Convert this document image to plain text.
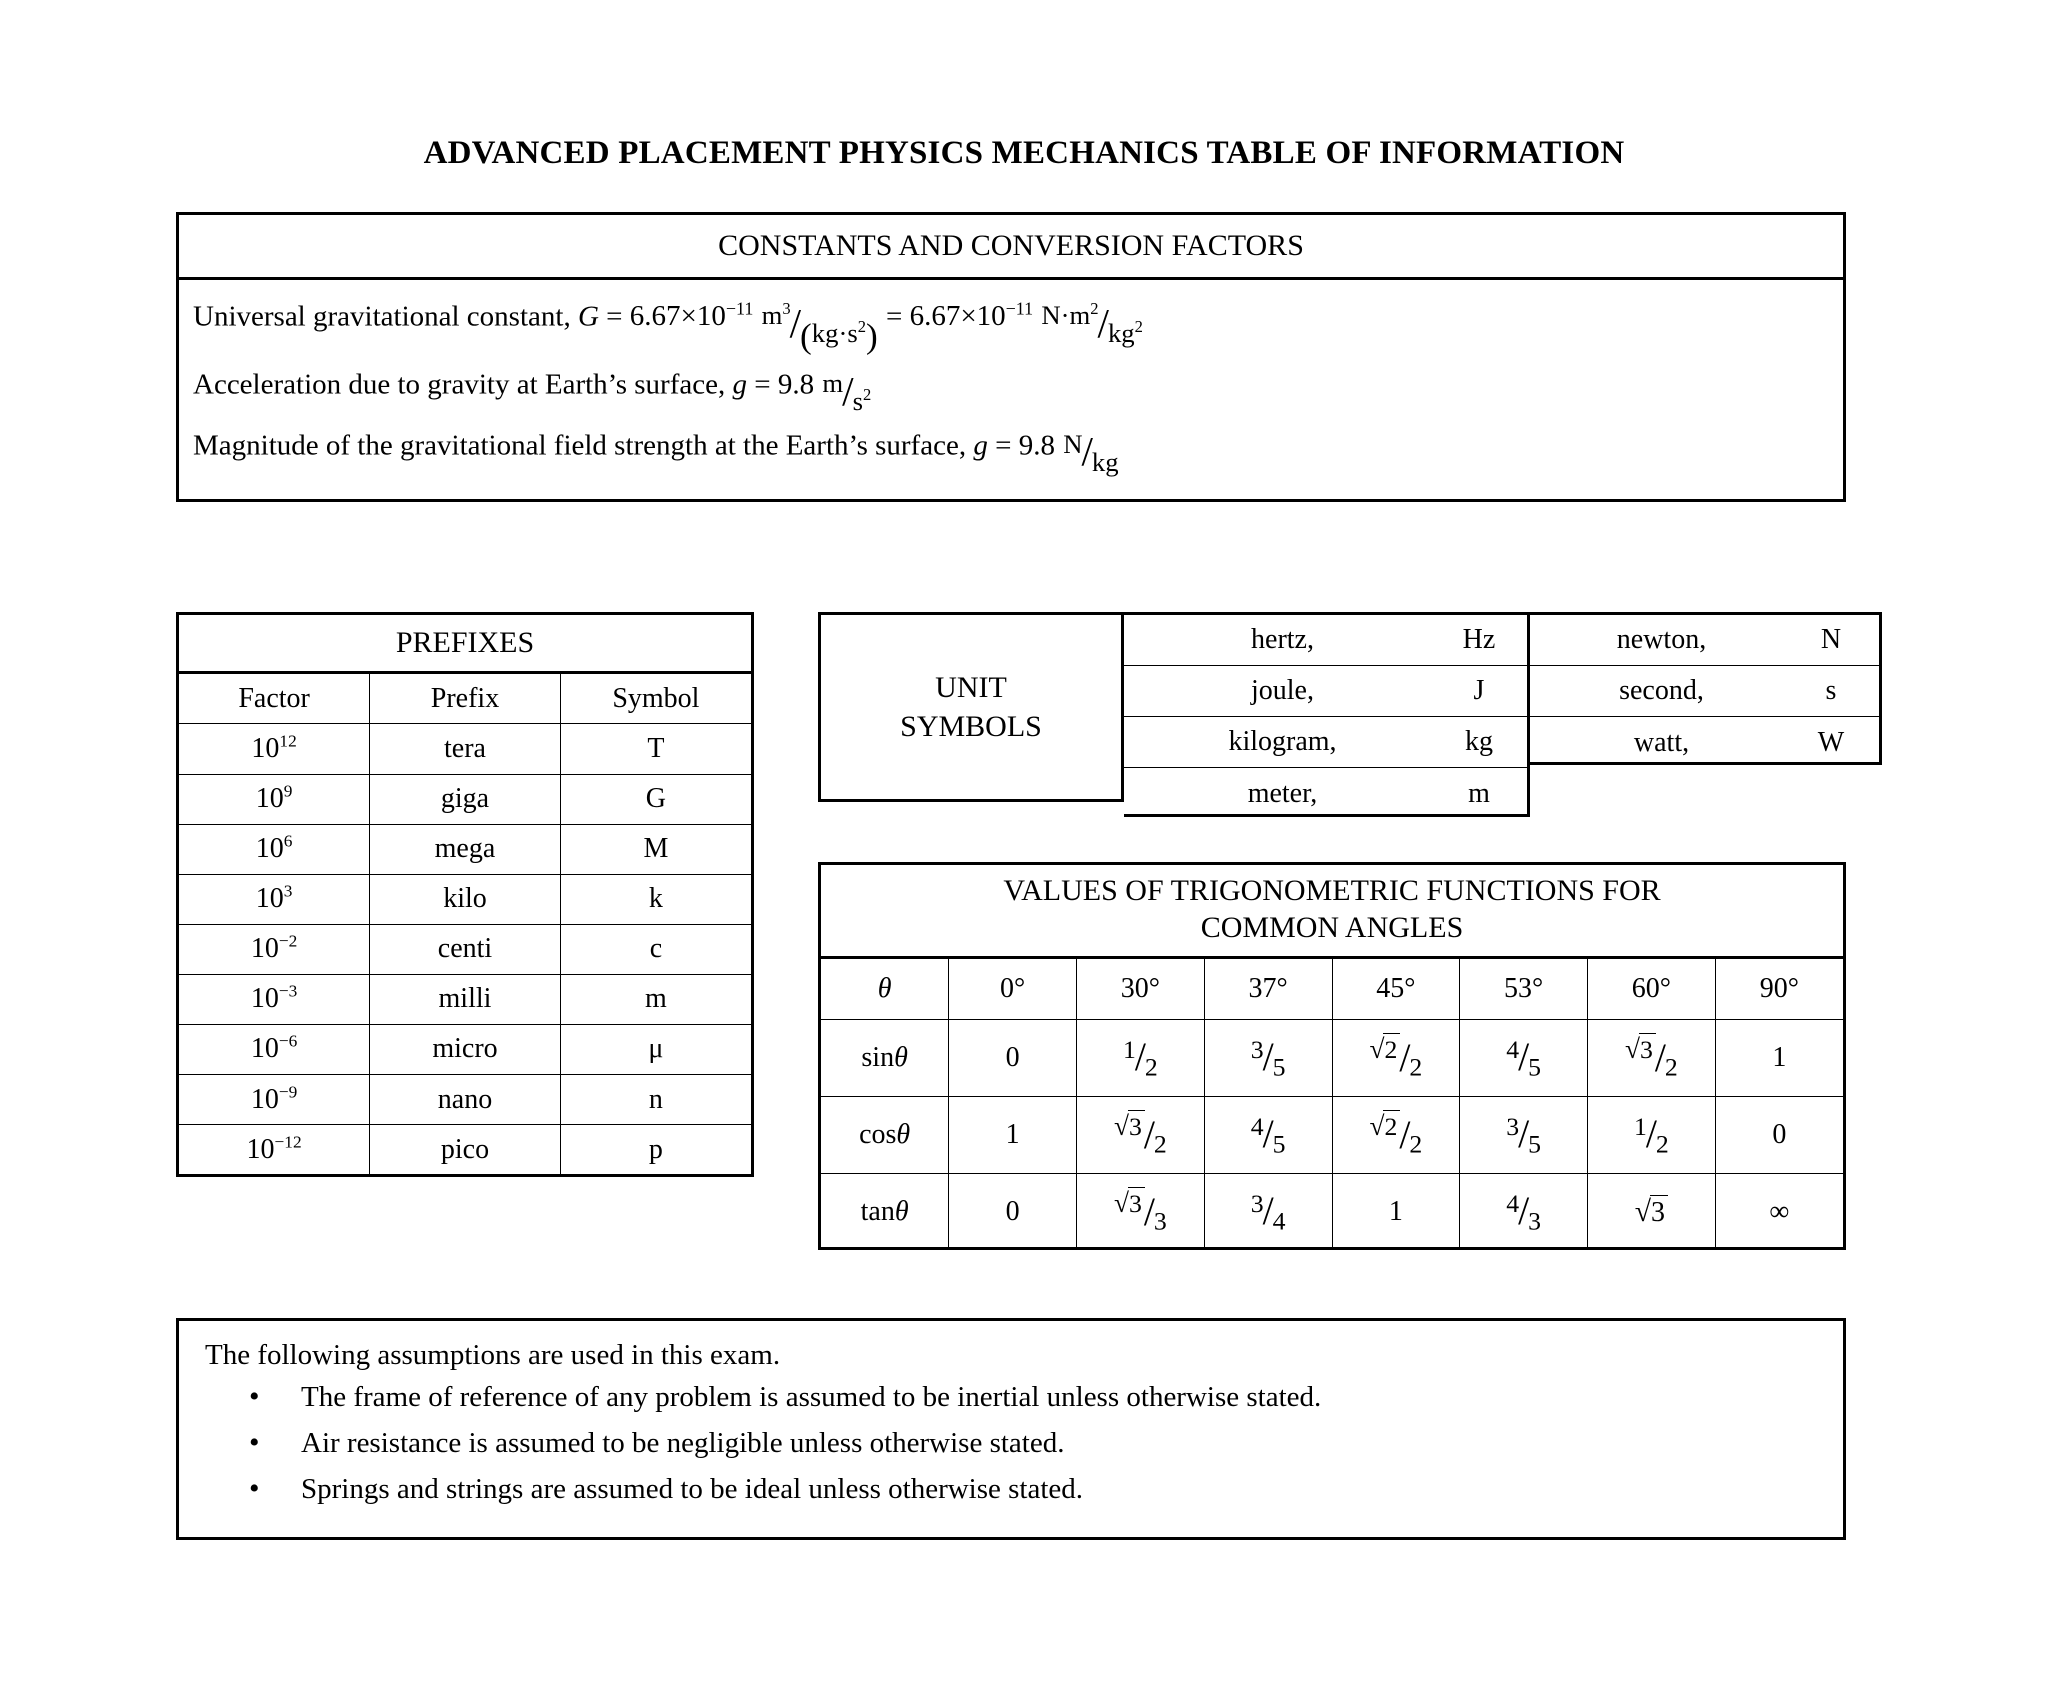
ADVANCED PLACEMENT PHYSICS MECHANICS TABLE OF INFORMATION
CONSTANTS AND CONVERSION FACTORS
Universal gravitational constant, $G = 6.67\times 10^{-11}$ $m^3/(kg\cdot s^2) = 6.67\times 10^{-11}$ $N\cdot m^2/kg^2$
Acceleration due to gravity at Earth’s surface, g = 9.8 $m/s^2$
Magnitude of the gravitational field strength at the Earth’s surface, g = 9.8 N/kg
PREFIXES		
Factor	Prefix	Symbol
$10^{12}$	tera	T
$10^9$	giga	G
$10^6$	mega	M
$10^3$	kilo	k
$10^{-2}$	centi	c
$10^{-3}$	milli	m
$10^{-6}$	micro	μ
$10^{-9}$	nano	n
$10^{-12}$	pico	p
UNIT
SYMBOLS
hertz,	Hz
joule,	J
kilogram,	kg
meter,	m
newton,	N
second,	s
watt,	W
VALUES OF TRIGONOMETRIC FUNCTIONS FOR
COMMON ANGLES
θ	0°	30°	37°	45°	53°	60°	90°
sinθ	0	1/2	3/5	√2/2	4/5	√3/2	1
cosθ	1	√3/2	4/5	√2/2	3/5	1/2	0
tanθ	0	√3/3	3/4	1	4/3	√3	∞
The following assumptions are used in this exam.
• The frame of reference of any problem is assumed to be inertial unless otherwise stated.
• Air resistance is assumed to be negligible unless otherwise stated.
• Springs and strings are assumed to be ideal unless otherwise stated.
